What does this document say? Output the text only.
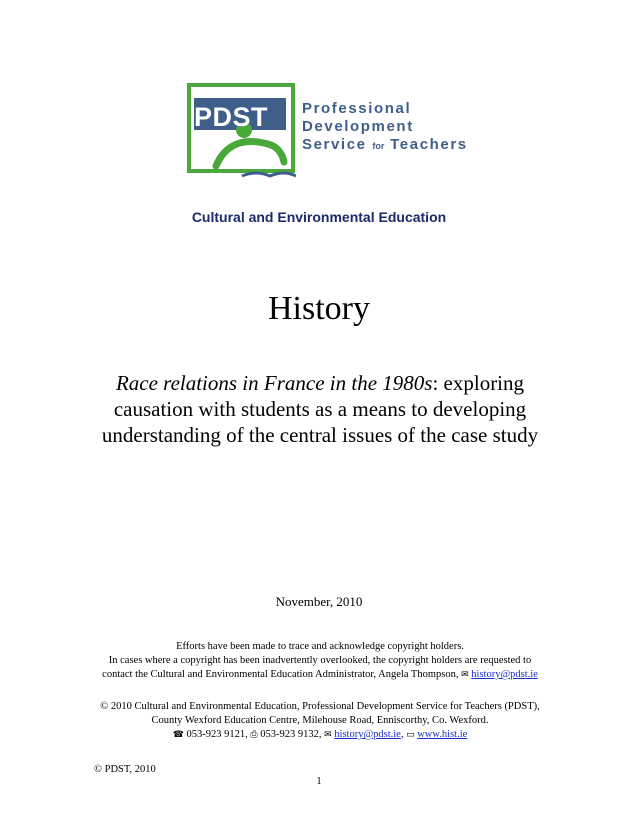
PDST Professional
Development
Service for Teachers
Cultural and Environmental Education
History
Race relations in France in the 1980s: exploring causation with students as a means to developing understanding of the central issues of the case study
November, 2010
Efforts have been made to trace and acknowledge copyright holders.
In cases where a copyright has been inadvertently overlooked, the copyright holders are requested to
contact the Cultural and Environmental Education Administrator, Angela Thompson, ✉ history@pdst.ie
© 2010 Cultural and Environmental Education, Professional Development Service for Teachers (PDST),
County Wexford Education Centre, Milehouse Road, Enniscorthy, Co. Wexford.
☎ 053-923 9121, ⎙ 053-923 9132, ✉ history@pdst.ie, ▭ www.hist.ie
© PDST, 2010
1
